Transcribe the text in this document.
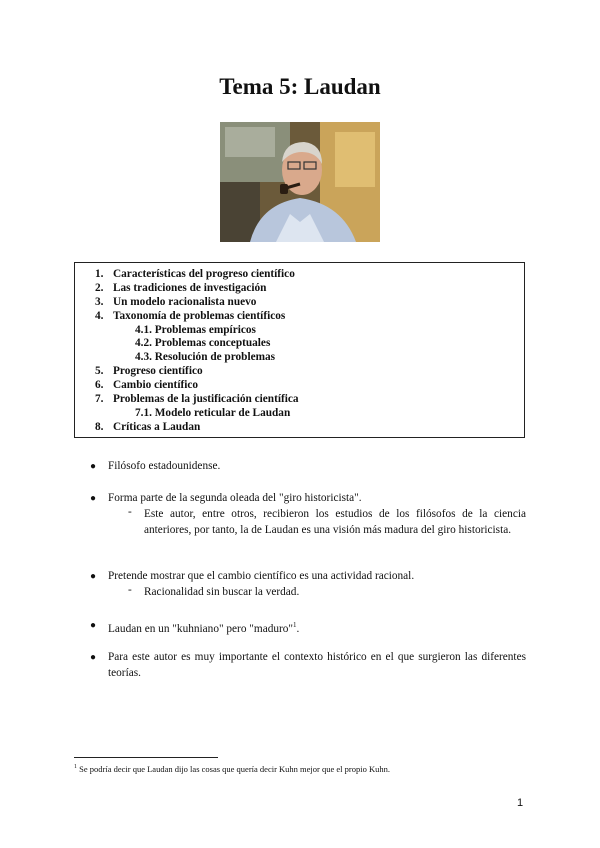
Tema 5: Laudan
1. Características del progreso científico
2. Las tradiciones de investigación
3. Un modelo racionalista nuevo
4. Taxonomía de problemas científicos
4.1. Problemas empíricos
4.2. Problemas conceptuales
4.3. Resolución de problemas
5. Progreso científico
6. Cambio científico
7. Problemas de la justificación científica
7.1. Modelo reticular de Laudan
8. Críticas a Laudan
● Filósofo estadounidense.
● Forma parte de la segunda oleada del "giro historicista".
- Este autor, entre otros, recibieron los estudios de los filósofos de la ciencia anteriores, por tanto, la de Laudan es una visión más madura del giro historicista.
● Pretende mostrar que el cambio científico es una actividad racional.
- Racionalidad sin buscar la verdad.
● Laudan en un "kuhniano" pero "maduro"$^1$.
● Para este autor es muy importante el contexto histórico en el que surgieron las diferentes teorías.
$^1$ Se podría decir que Laudan dijo las cosas que quería decir Kuhn mejor que el propio Kuhn.
1
